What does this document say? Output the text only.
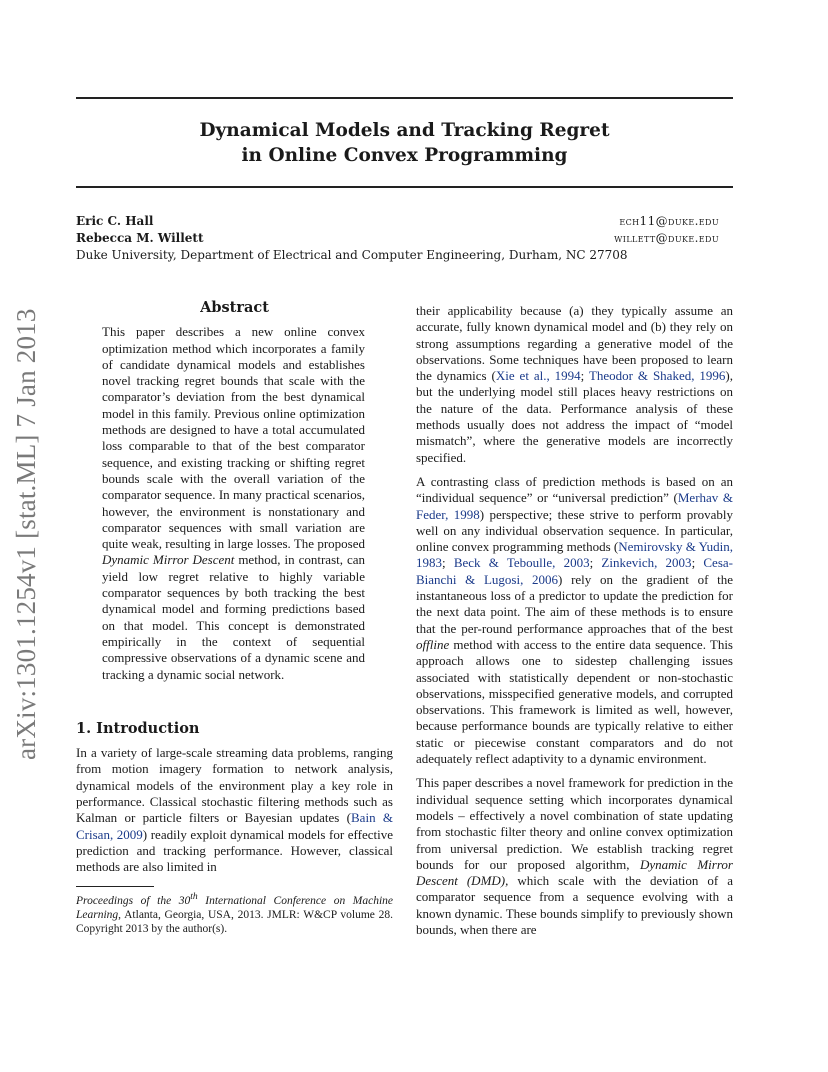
Dynamical Models and Tracking Regret
in Online Convex Programming
Eric C. Hall	ech11@duke.edu
Rebecca M. Willett	willett@duke.edu
Duke University, Department of Electrical and Computer Engineering, Durham, NC 27708
arXiv:1301.1254v1 [stat.ML] 7 Jan 2013
Abstract
This paper describes a new online convex optimization method which incorporates a family of candidate dynamical models and establishes novel tracking regret bounds that scale with the comparator’s deviation from the best dynamical model in this family. Previous online optimization methods are designed to have a total accumulated loss comparable to that of the best comparator sequence, and existing tracking or shifting regret bounds scale with the overall variation of the comparator sequence. In many practical scenarios, however, the environment is nonstationary and comparator sequences with small variation are quite weak, resulting in large losses. The proposed Dynamic Mirror Descent method, in contrast, can yield low regret relative to highly variable comparator sequences by both tracking the best dynamical model and forming predictions based on that model. This concept is demonstrated empirically in the context of sequential compressive observations of a dynamic scene and tracking a dynamic social network.
1. Introduction

In a variety of large-scale streaming data problems, ranging from motion imagery formation to network analysis, dynamical models of the environment play a key role in performance. Classical stochastic filtering methods such as Kalman or particle filters or Bayesian updates (Bain & Crisan, 2009) readily exploit dynamical models for effective prediction and tracking performance. However, classical methods are also limited in

Proceedings of the 30th International Conference on Machine Learning, Atlanta, Georgia, USA, 2013. JMLR: W&CP volume 28. Copyright 2013 by the author(s).

their applicability because (a) they typically assume an accurate, fully known dynamical model and (b) they rely on strong assumptions regarding a generative model of the observations. Some techniques have been proposed to learn the dynamics (Xie et al., 1994; Theodor & Shaked, 1996), but the underlying model still places heavy restrictions on the nature of the data. Performance analysis of these methods usually does not address the impact of “model mismatch”, where the generative models are incorrectly specified.

A contrasting class of prediction methods is based on an “individual sequence” or “universal prediction” (Merhav & Feder, 1998) perspective; these strive to perform provably well on any individual observation sequence. In particular, online convex programming methods (Nemirovsky & Yudin, 1983; Beck & Teboulle, 2003; Zinkevich, 2003; Cesa-Bianchi & Lugosi, 2006) rely on the gradient of the instantaneous loss of a predictor to update the prediction for the next data point. The aim of these methods is to ensure that the per-round performance approaches that of the best offline method with access to the entire data sequence. This approach allows one to sidestep challenging issues associated with statistically dependent or non-stochastic observations, misspecified generative models, and corrupted observations. This framework is limited as well, however, because performance bounds are typically relative to either static or piecewise constant comparators and do not adequately reflect adaptivity to a dynamic environment.

This paper describes a novel framework for prediction in the individual sequence setting which incorporates dynamical models – effectively a novel combination of state updating from stochastic filter theory and online convex optimization from universal prediction. We establish tracking regret bounds for our proposed algorithm, Dynamic Mirror Descent (DMD), which scale with the deviation of a comparator sequence from a sequence evolving with a known dynamic. These bounds simplify to previously shown bounds, when there are
